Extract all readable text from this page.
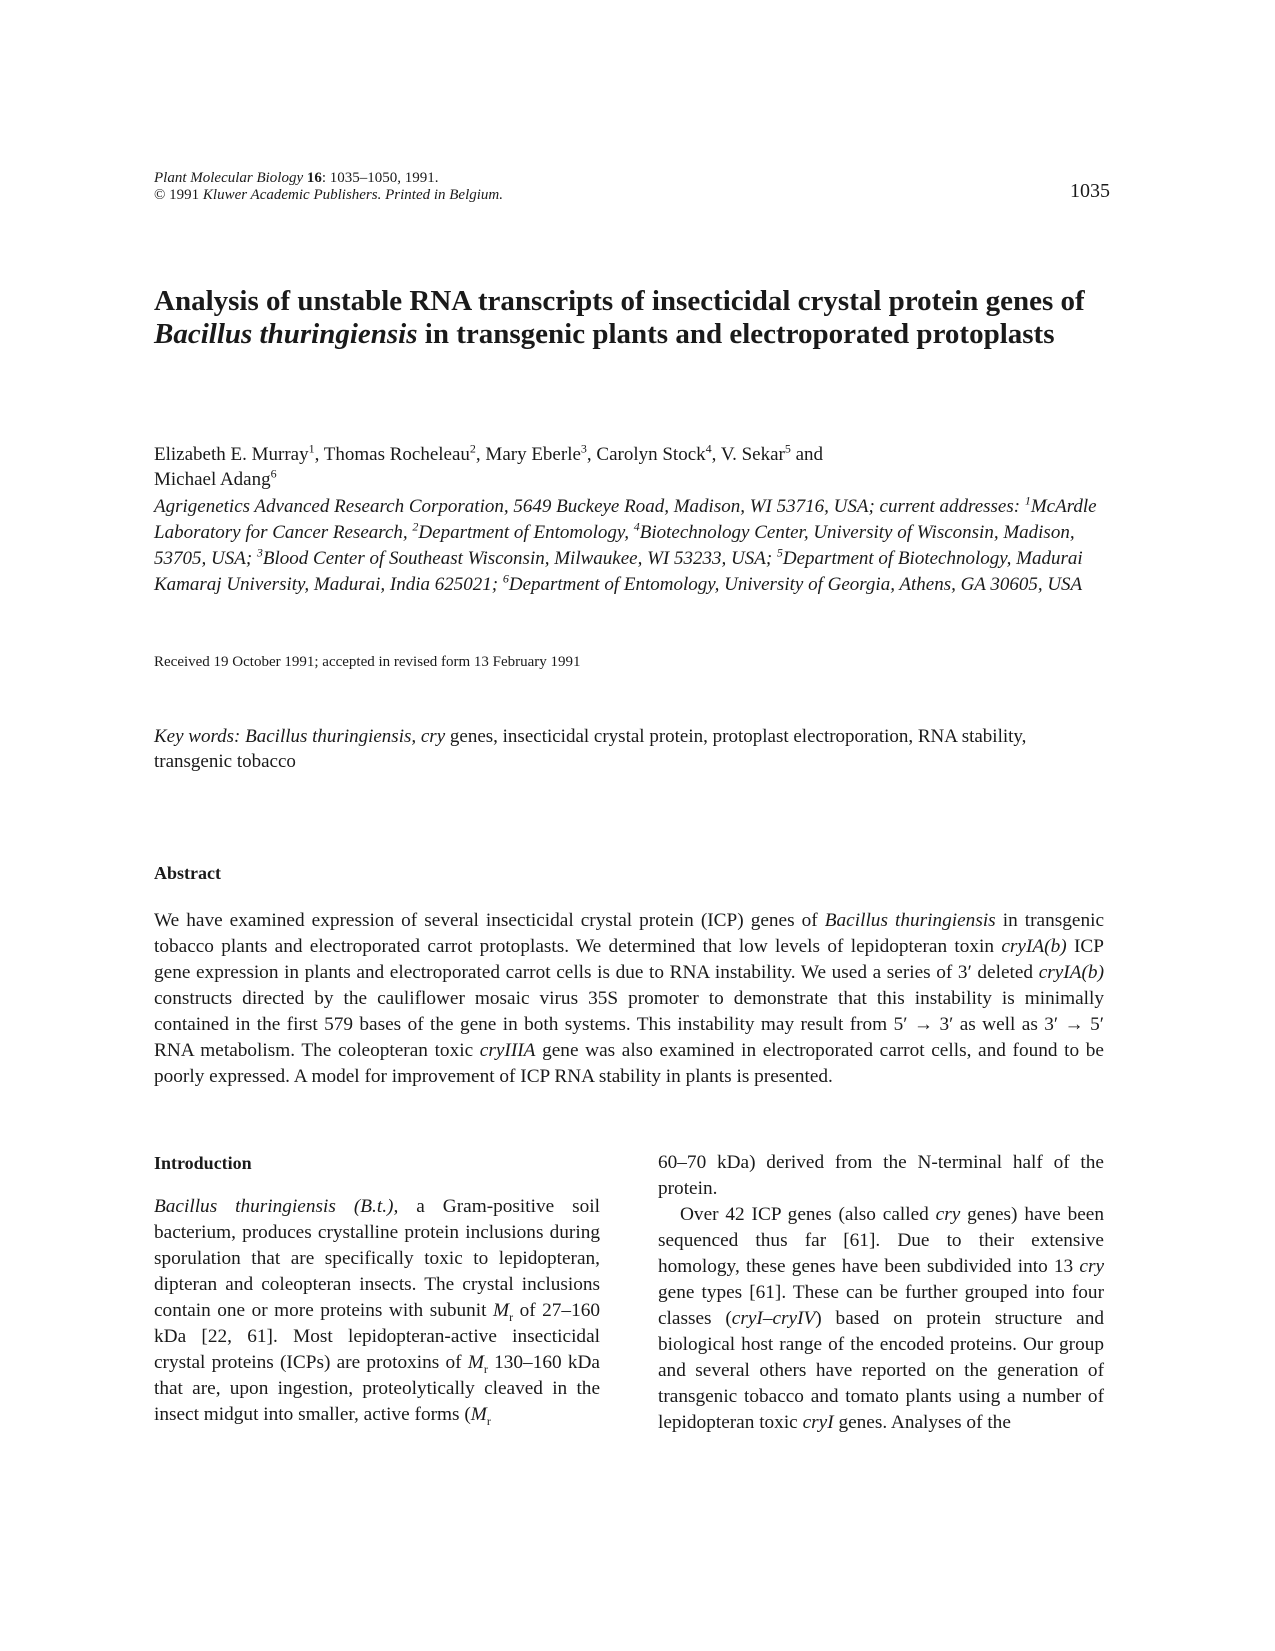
Plant Molecular Biology 16: 1035–1050, 1991.
© 1991 Kluwer Academic Publishers. Printed in Belgium.	1035
Analysis of unstable RNA transcripts of insecticidal crystal protein genes of Bacillus thuringiensis in transgenic plants and electroporated protoplasts
Elizabeth E. Murray$^1$, Thomas Rocheleau$^2$, Mary Eberle$^3$, Carolyn Stock$^4$, V. Sekar$^5$ and
Michael Adang$^6$
Agrigenetics Advanced Research Corporation, 5649 Buckeye Road, Madison, WI 53716, USA; current addresses: $^1$McArdle Laboratory for Cancer Research, $^2$Department of Entomology, $^4$Biotechnology Center, University of Wisconsin, Madison, 53705, USA; $^3$Blood Center of Southeast Wisconsin, Milwaukee, WI 53233, USA; $^5$Department of Biotechnology, Madurai Kamaraj University, Madurai, India 625021; $^6$Department of Entomology, University of Georgia, Athens, GA 30605, USA
Received 19 October 1991; accepted in revised form 13 February 1991
Key words: Bacillus thuringiensis, cry genes, insecticidal crystal protein, protoplast electroporation, RNA stability, transgenic tobacco
Abstract

We have examined expression of several insecticidal crystal protein (ICP) genes of Bacillus thuringiensis in transgenic tobacco plants and electroporated carrot protoplasts. We determined that low levels of lepidopteran toxin cryIA(b) ICP gene expression in plants and electroporated carrot cells is due to RNA instability. We used a series of 3′ deleted cryIA(b) constructs directed by the cauliflower mosaic virus 35S promoter to demonstrate that this instability is minimally contained in the first 579 bases of the gene in both systems. This instability may result from 5′ → 3′ as well as 3′ → 5′ RNA metabolism. The coleopteran toxic cryIIIA gene was also examined in electroporated carrot cells, and found to be poorly expressed. A model for improvement of ICP RNA stability in plants is presented.

Introduction

Bacillus thuringiensis (B.t.), a Gram-positive soil bacterium, produces crystalline protein inclusions during sporulation that are specifically toxic to lepidopteran, dipteran and coleopteran insects. The crystal inclusions contain one or more proteins with subunit $M_r$ of 27–160 kDa [22, 61]. Most lepidopteran-active insecticidal crystal proteins (ICPs) are protoxins of $M_r$ 130–160 kDa that are, upon ingestion, proteolytically cleaved in the insect midgut into smaller, active forms ($M_r$

60–70 kDa) derived from the N-terminal half of the protein.

Over 42 ICP genes (also called cry genes) have been sequenced thus far [61]. Due to their extensive homology, these genes have been subdivided into 13 cry gene types [61]. These can be further grouped into four classes (cryI–cryIV) based on protein structure and biological host range of the encoded proteins. Our group and several others have reported on the generation of transgenic tobacco and tomato plants using a number of lepidopteran toxic cryI genes. Analyses of the
